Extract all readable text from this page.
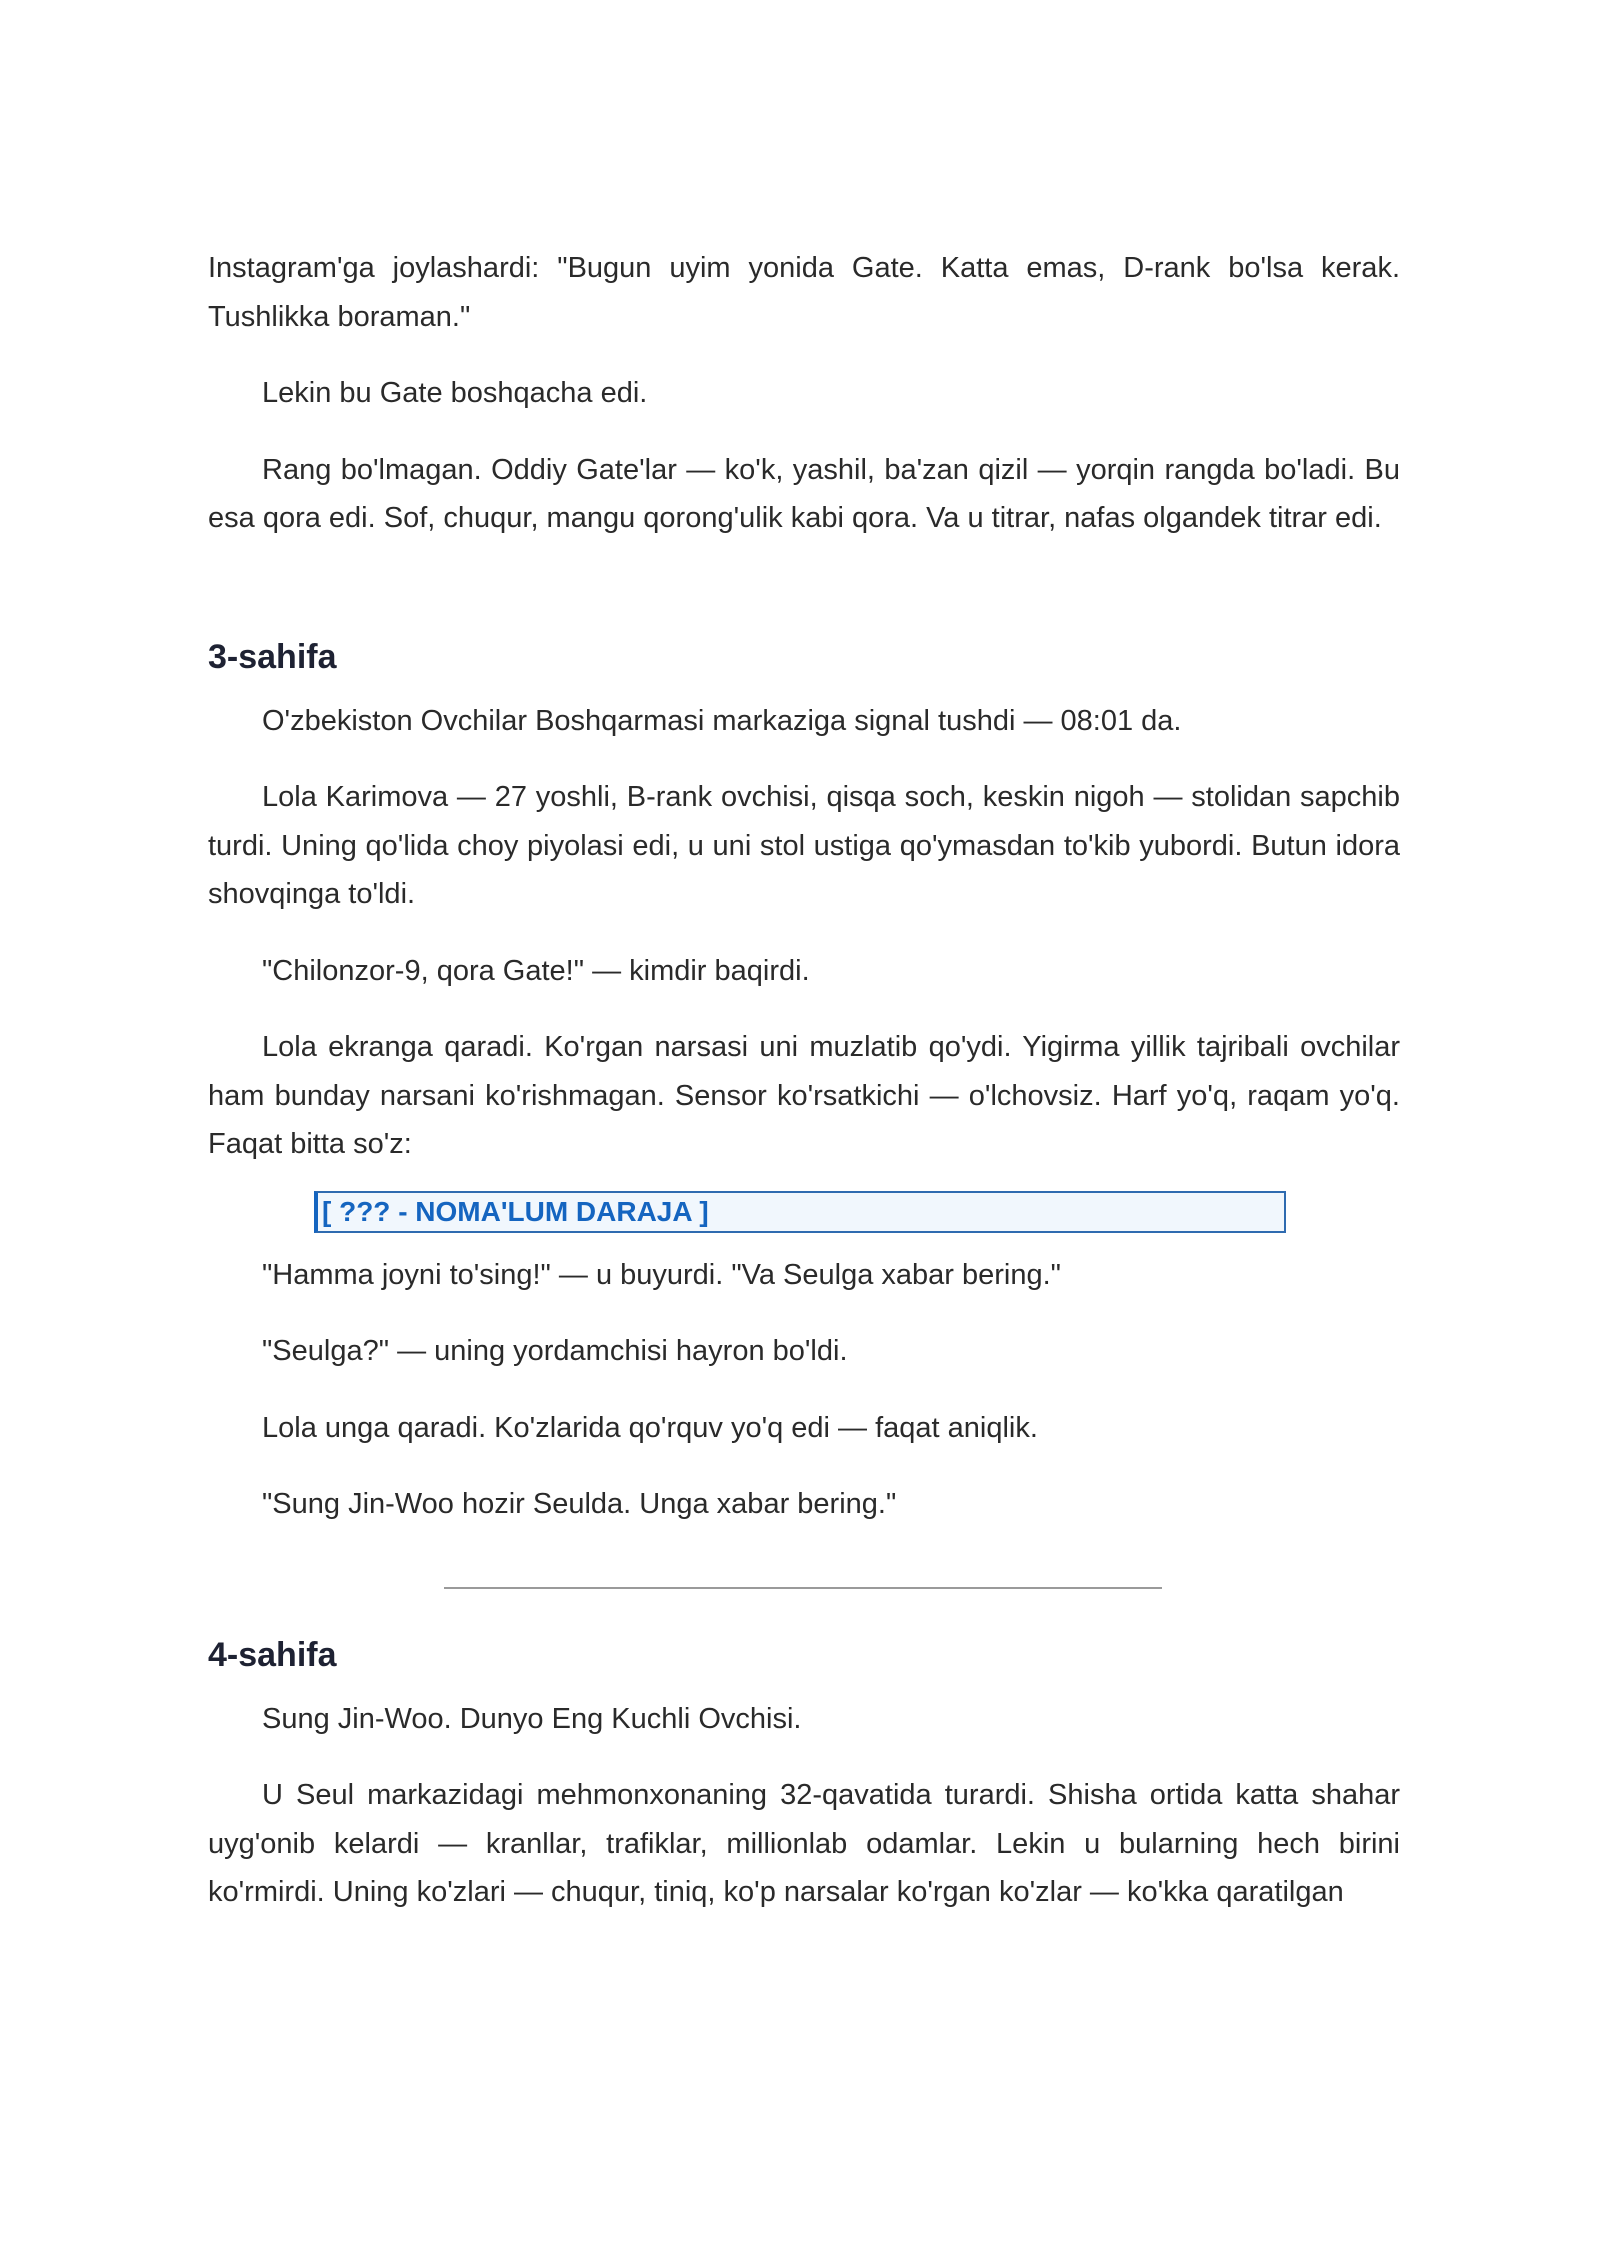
Instagram'ga joylashardi: "Bugun uyim yonida Gate. Katta emas, D-rank bo'lsa kerak. Tushlikka boraman."

Lekin bu Gate boshqacha edi.

Rang bo'lmagan. Oddiy Gate'lar — ko'k, yashil, ba'zan qizil — yorqin rangda bo'ladi. Bu esa qora edi. Sof, chuqur, mangu qorong'ulik kabi qora. Va u titrar, nafas olgandek titrar edi.

3-sahifa

O'zbekiston Ovchilar Boshqarmasi markaziga signal tushdi — 08:01 da.

Lola Karimova — 27 yoshli, B-rank ovchisi, qisqa soch, keskin nigoh — stolidan sapchib turdi. Uning qo'lida choy piyolasi edi, u uni stol ustiga qo'ymasdan to'kib yubordi. Butun idora shovqinga to'ldi.

"Chilonzor-9, qora Gate!" — kimdir baqirdi.

Lola ekranga qaradi. Ko'rgan narsasi uni muzlatib qo'ydi. Yigirma yillik tajribali ovchilar ham bunday narsani ko'rishmagan. Sensor ko'rsatkichi — o'lchovsiz. Harf yo'q, raqam yo'q. Faqat bitta so'z:

[ ??? - NOMA'LUM DARAJA ]

"Hamma joyni to'sing!" — u buyurdi. "Va Seulga xabar bering."

"Seulga?" — uning yordamchisi hayron bo'ldi.

Lola unga qaradi. Ko'zlarida qo'rquv yo'q edi — faqat aniqlik.

"Sung Jin-Woo hozir Seulda. Unga xabar bering."

4-sahifa

Sung Jin-Woo. Dunyo Eng Kuchli Ovchisi.

U Seul markazidagi mehmonxonaning 32-qavatida turardi. Shisha ortida katta shahar uyg'onib kelardi — kranllar, trafiklar, millionlab odamlar. Lekin u bularning hech birini ko'rmirdi. Uning ko'zlari — chuqur, tiniq, ko'p narsalar ko'rgan ko'zlar — ko'kka qaratilgan
